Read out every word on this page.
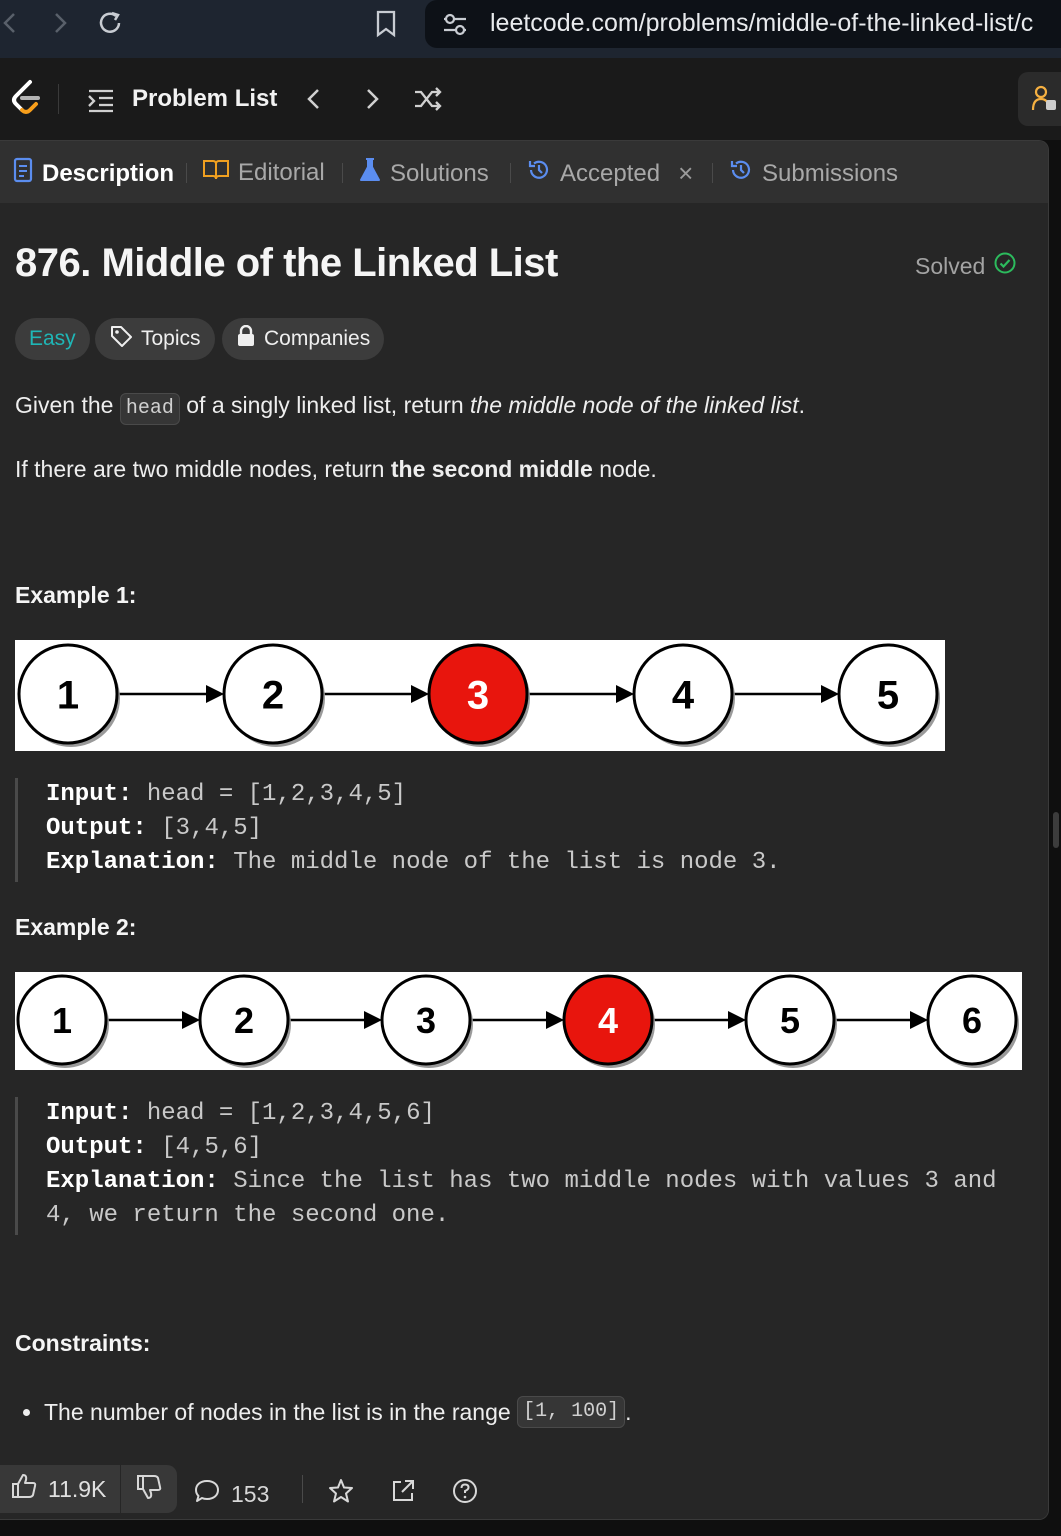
leetcode.com/problems/middle-of-the-linked-list/c
Problem List
Description	Editorial	Solutions	Accepted ×	Submissions
876. Middle of the Linked List	Solved
Easy	Topics	Companies
Given the head of a singly linked list, return the middle node of the linked list.
If there are two middle nodes, return the second middle node.
Example 1:
1	2	3	4	5
Input: head = [1,2,3,4,5]
Output: [3,4,5]
Explanation: The middle node of the list is node 3.
Example 2:
1	2	3	4	5	6
Input: head = [1,2,3,4,5,6]
Output: [4,5,6]
Explanation: Since the list has two middle nodes with values 3 and
4, we return the second one.
Constraints:
The number of nodes in the list is in the range
[1, 100] .
11.9K	153
